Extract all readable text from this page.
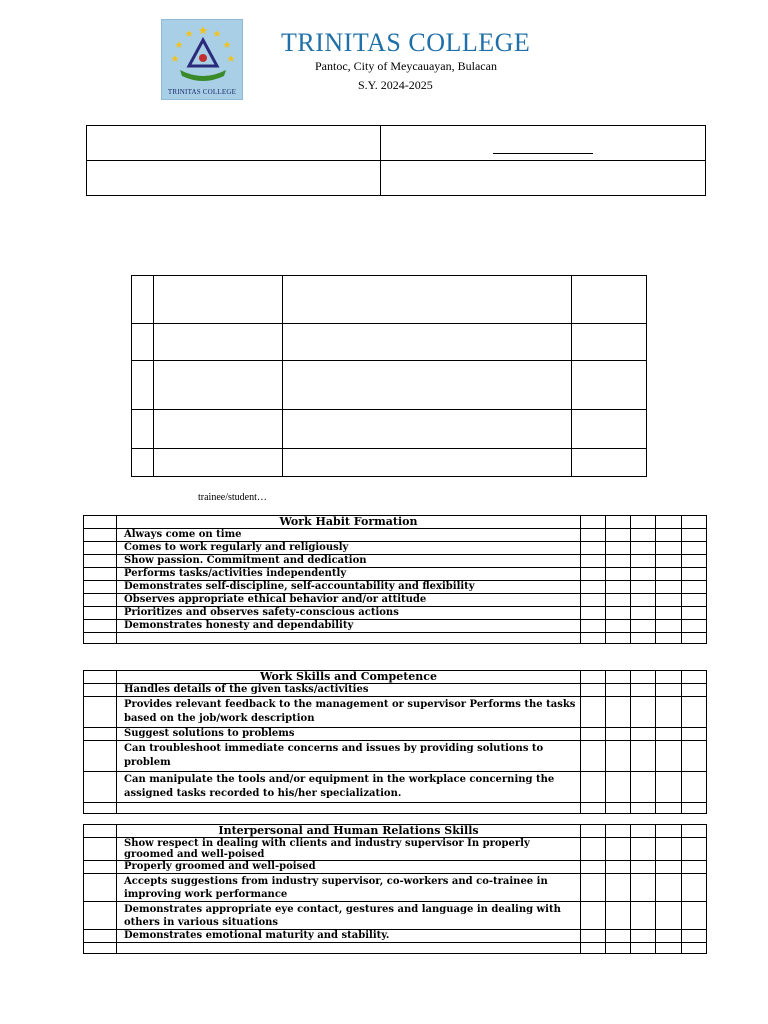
TRINITAS COLLEGE
TRINITAS COLLEGE
Pantoc, City of Meycauayan, Bulacan
S.Y. 2024-2025

trainee/student…
	Work Habit Formation					
	Always come on time					
	Comes to work regularly and religiously					
	Show passion. Commitment and dedication					
	Performs tasks/activities independently					
	Demonstrates self-discipline, self-accountability and flexibility					
	Observes appropriate ethical behavior and/or attitude					
	Prioritizes and observes safety-conscious actions					
	Demonstrates honesty and dependability					

	Work Skills and Competence					
	Handles details of the given tasks/activities					
	Provides relevant feedback to the management or supervisor Performs the tasks based on the job/work description					
	Suggest solutions to problems					
	Can troubleshoot immediate concerns and issues by providing solutions to problem					
	Can manipulate the tools and/or equipment in the workplace concerning the assigned tasks recorded to his/her specialization.					

	Interpersonal and Human Relations Skills					
	Show respect in dealing with clients and industry supervisor In properly groomed and well-poised					
	Properly groomed and well-poised					
	Accepts suggestions from industry supervisor, co-workers and co-trainee in improving work performance					
	Demonstrates appropriate eye contact, gestures and language in dealing with others in various situations					
	Demonstrates emotional maturity and stability.					
